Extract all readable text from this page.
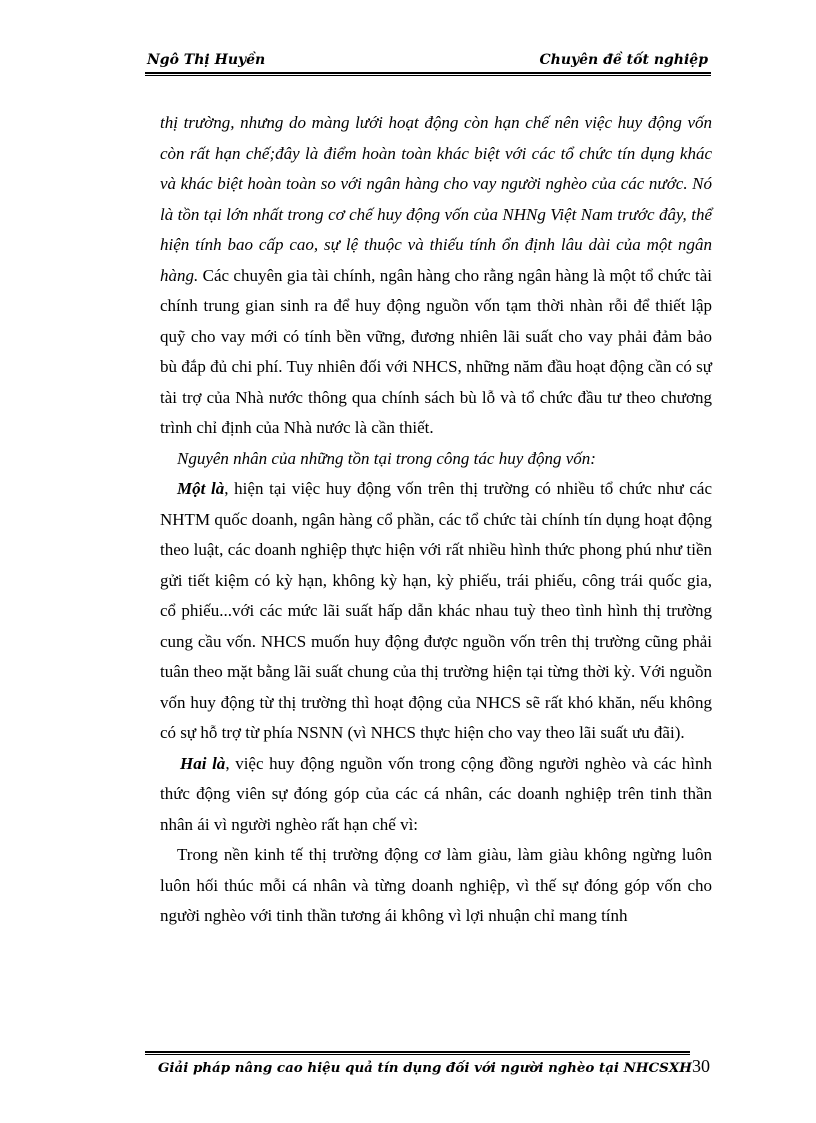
Ngô Thị Huyền	Chuyên đề tốt nghiệp

thị trường, nhưng do màng lưới hoạt động còn hạn chế nên việc huy động vốn còn rất hạn chế;đây là điểm hoàn toàn khác biệt với các tổ chức tín dụng khác và khác biệt hoàn toàn so với ngân hàng cho vay người nghèo của các nước. Nó là tồn tại lớn nhất trong cơ chế huy động vốn của NHNg Việt Nam trước đây, thể hiện tính bao cấp cao, sự lệ thuộc và thiếu tính ổn định lâu dài của một ngân hàng. Các chuyên gia tài chính, ngân hàng cho rằng ngân hàng là một tổ chức tài chính trung gian sinh ra để huy động nguồn vốn tạm thời nhàn rỗi để thiết lập quỹ cho vay mới có tính bền vững, đương nhiên lãi suất cho vay phải đảm bảo bù đắp đủ chi phí. Tuy nhiên đối với NHCS, những năm đầu hoạt động cần có sự tài trợ của Nhà nước thông qua chính sách bù lỗ và tổ chức đầu tư theo chương trình chỉ định của Nhà nước là cần thiết.

Nguyên nhân của những tồn tại trong công tác huy động vốn:

Một là, hiện tại việc huy động vốn trên thị trường có nhiều tổ chức như các NHTM quốc doanh, ngân hàng cổ phần, các tổ chức tài chính tín dụng hoạt động theo luật, các doanh nghiệp thực hiện với rất nhiều hình thức phong phú như tiền gửi tiết kiệm có kỳ hạn, không kỳ hạn, kỳ phiếu, trái phiếu, công trái quốc gia, cổ phiếu...với các mức lãi suất hấp dẫn khác nhau tuỳ theo tình hình thị trường cung cầu vốn. NHCS muốn huy động được nguồn vốn trên thị trường cũng phải tuân theo mặt bằng lãi suất chung của thị trường hiện tại từng thời kỳ. Với nguồn vốn huy động từ thị trường thì hoạt động của NHCS sẽ rất khó khăn, nếu không có sự hỗ trợ từ phía NSNN (vì NHCS thực hiện cho vay theo lãi suất ưu đãi).

Hai là, việc huy động nguồn vốn trong cộng đồng người nghèo và các hình thức động viên sự đóng góp của các cá nhân, các doanh nghiệp trên tinh thần nhân ái vì người nghèo rất hạn chế vì:

Trong nền kinh tế thị trường động cơ làm giàu, làm giàu không ngừng luôn luôn hối thúc mỗi cá nhân và từng doanh nghiệp, vì thế sự đóng góp vốn cho người nghèo với tinh thần tương ái không vì lợi nhuận chỉ mang tính

Giải pháp nâng cao hiệu quả tín dụng đối với người nghèo tại NHCSXH 30
